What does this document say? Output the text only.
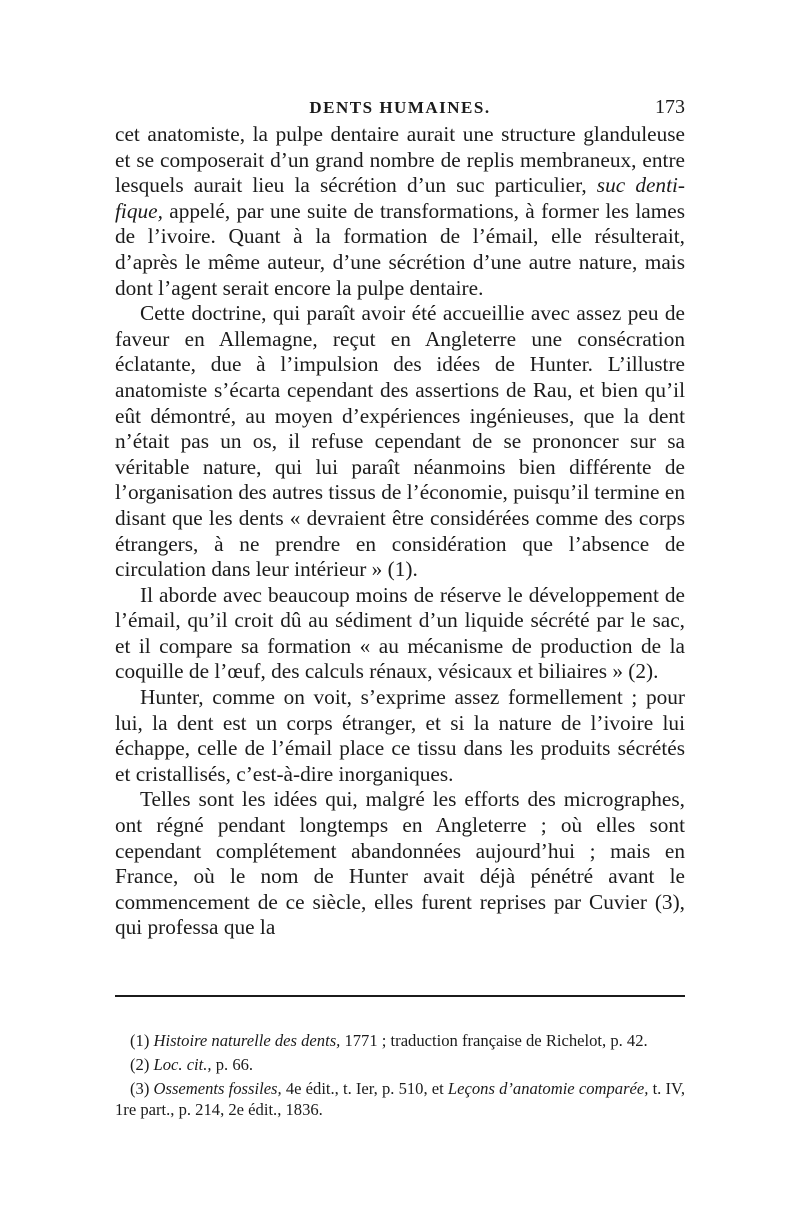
DENTS HUMAINES.	173

cet anatomiste, la pulpe dentaire aurait une structure glanduleuse et se composerait d’un grand nombre de replis membraneux, entre lesquels aurait lieu la sécrétion d’un suc particulier, suc denti-fique, appelé, par une suite de transformations, à former les lames de l’ivoire. Quant à la formation de l’émail, elle résulterait, d’après le même auteur, d’une sécrétion d’une autre nature, mais dont l’agent serait encore la pulpe dentaire.

Cette doctrine, qui paraît avoir été accueillie avec assez peu de faveur en Allemagne, reçut en Angleterre une consécration éclatante, due à l’impulsion des idées de Hunter. L’illustre anatomiste s’écarta cependant des assertions de Rau, et bien qu’il eût démontré, au moyen d’expériences ingénieuses, que la dent n’était pas un os, il refuse cependant de se prononcer sur sa véritable nature, qui lui paraît néanmoins bien différente de l’organisation des autres tissus de l’économie, puisqu’il termine en disant que les dents « devraient être considérées comme des corps étrangers, à ne prendre en considération que l’absence de circulation dans leur intérieur » (1).

Il aborde avec beaucoup moins de réserve le développement de l’émail, qu’il croit dû au sédiment d’un liquide sécrété par le sac, et il compare sa formation « au mécanisme de production de la coquille de l’œuf, des calculs rénaux, vésicaux et biliaires » (2).

Hunter, comme on voit, s’exprime assez formellement ; pour lui, la dent est un corps étranger, et si la nature de l’ivoire lui échappe, celle de l’émail place ce tissu dans les produits sécrétés et cristallisés, c’est-à-dire inorganiques.

Telles sont les idées qui, malgré les efforts des micrographes, ont régné pendant longtemps en Angleterre ; où elles sont cependant complétement abandonnées aujourd’hui ; mais en France, où le nom de Hunter avait déjà pénétré avant le commencement de ce siècle, elles furent reprises par Cuvier (3), qui professa que la

(1) Histoire naturelle des dents, 1771 ; traduction française de Richelot, p. 42.

(2) Loc. cit., p. 66.

(3) Ossements fossiles, 4e édit., t. Ier, p. 510, et Leçons d’anatomie comparée, t. IV, 1re part., p. 214, 2e édit., 1836.
